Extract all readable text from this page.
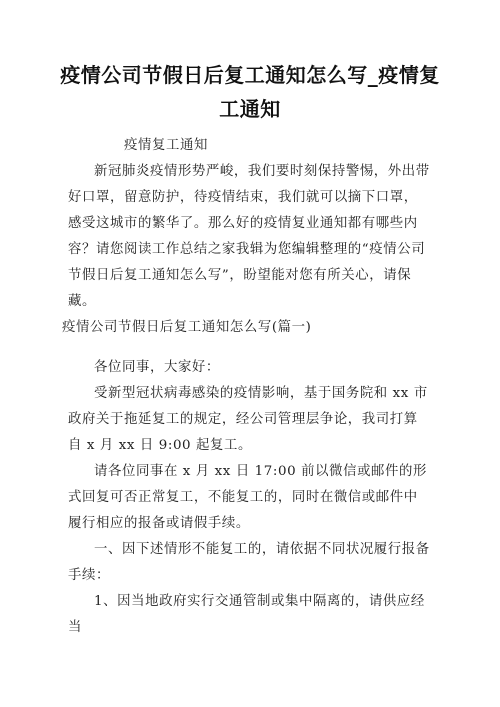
疫情公司节假日后复工通知怎么写_疫情复工通知

疫情复工通知

新冠肺炎疫情形势严峻，我们要时刻保持警惕，外出带好口罩，留意防护，待疫情结束，我们就可以摘下口罩，感受这城市的繁华了。那么好的疫情复业通知都有哪些内容？请您阅读工作总结之家我辑为您编辑整理的“疫情公司节假日后复工通知怎么写”，盼望能对您有所关心，请保藏。

疫情公司节假日后复工通知怎么写(篇一)

各位同事，大家好：

受新型冠状病毒感染的疫情影响，基于国务院和 xx 市政府关于拖延复工的规定，经公司管理层争论，我司打算自 x 月 xx 日 9:00 起复工。

请各位同事在 x 月 xx 日 17:00 前以微信或邮件的形式回复可否正常复工，不能复工的，同时在微信或邮件中履行相应的报备或请假手续。

一、因下述情形不能复工的，请依据不同状况履行报备手续：

1、因当地政府实行交通管制或集中隔离的，请供应经当
